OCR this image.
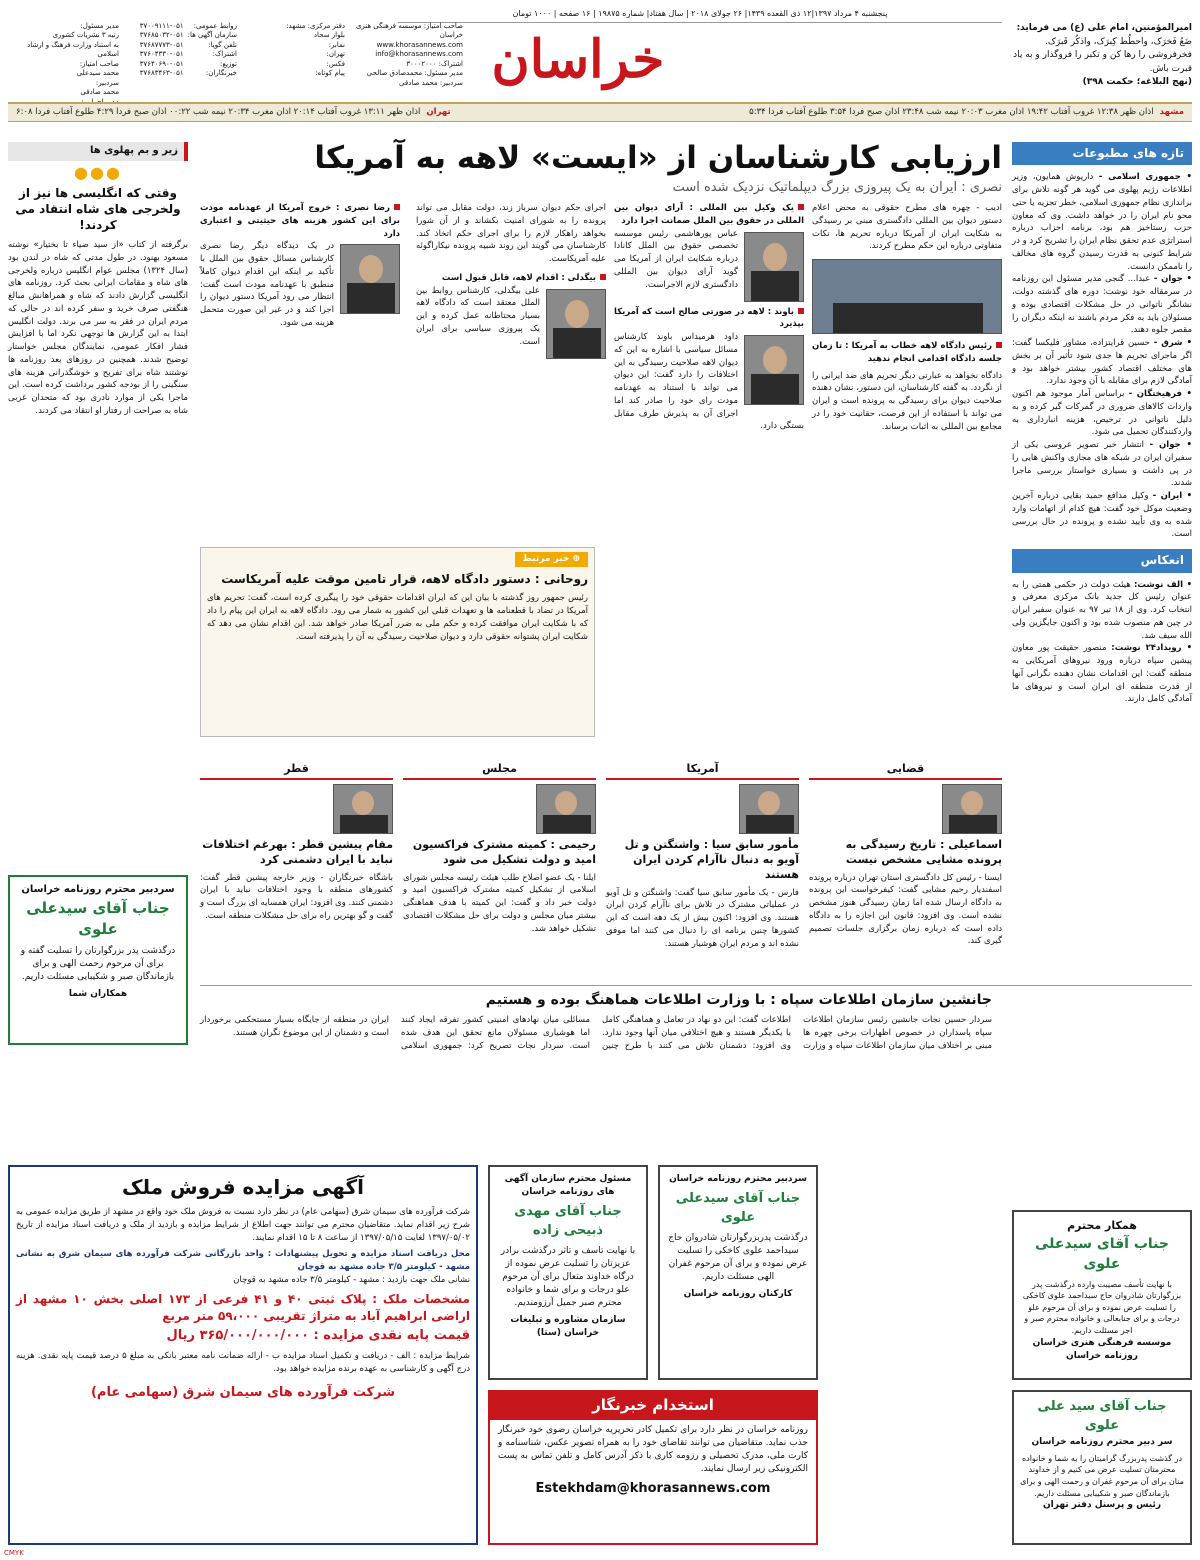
پنجشنبه ۴ مرداد ۱۳۹۷|۱۲ ذی القعده ۱۴۳۹| ۲۶ جولای ۲۰۱۸ | سال هفتاد| شماره ۱۹۸۷۵ | ۱۶ صفحه | ۱۰۰۰ تومان
امیرالمؤمنین، امام علی (ع) می فرماید:
ضَعُ فَخرَک، واحطُط کِبرَک، واذکُر قَبرَک.
فخرفروشی را رها کن و تکبر را فروگذار و به یاد قبرت باش.
(نهج البلاغه؛ حکمت ۳۹۸)
خراسان
صاحب امتیاز: موسسه فرهنگی هنری خراسان
www.khorasannews.com
info@khorasannews.com
اشتراک: ۳۰۰۰۲۰۰۰
مدیر مسئول: محمدصادق صالحی
سردبیر: محمد صادقی
دفتر مرکزی: مشهد:
بلوار سجاد
نمابر:
تهران:
فکس:
پیام کوتاه:
روابط عمومی:
سازمان آگهی ها:
تلفن گویا:
اشتراک:
توزیع:
خبرنگاران:
۳۷۰۰۹۱۱۱-۰۵۱
۳۷۶۸۵۰۳۲-۰۵۱
۳۷۶۸۷۷۷۳-۰۵۱
۳۷۶۰۴۳۳۰-۰۵۱
۳۷۶۴۰۶۹۰-۰۵۱
۳۷۶۸۳۴۶۳-۰۵۱
مدیر مسئول:
رتبه ۳ نشریات کشوری
به استناد وزارت فرهنگ و ارشاد اسلامی
صاحب امتیاز:
محمد سیدعلی
سردبیر:
محمد صادقی
مشهد
اذان ظهر ۱۲:۳۸ غروب آفتاب ۱۹:۴۲ اذان مغرب ۲۰:۰۳ نیمه شب ۲۳:۴۸ اذان صبح فردا ۳:۵۴ طلوع آفتاب فردا ۵:۳۴
تهران
اذان ظهر ۱۳:۱۱ غروب آفتاب ۲۰:۱۴ اذان مغرب ۲۰:۳۴ نیمه شب ۰۰:۲۲ اذان صبح فردا ۴:۲۹ طلوع آفتاب فردا ۶:۰۸
تازه های مطبوعات

• جمهوری اسلامی - داریوش همایون، وزیر اطلاعات رژیم پهلوی می گوید هر گونه تلاش برای براندازی نظام جمهوری اسلامی، خطر تجزیه یا حتی محو نام ایران را در خواهد داشت. وی که معاون حزب رستاخیز هم بود، برنامه احزاب درباره استراتژی عدم تحقق نظام ایران را تشریح کرد و در شرایط کنونی به قدرت رسیدن گروه های مخالف را ناممکن دانست.

• جوان - عبدا... گنجی مدیر مسئول این روزنامه در سرمقاله خود نوشت: دوره های گذشته دولت، نشانگر ناتوانی در حل مشکلات اقتصادی بوده و مسئولان باید به فکر مردم باشند نه اینکه دیگران را مقصر جلوه دهند.

• شرق - حسین قرایتزاده، مشاور فلیکسا گفت: اگر ماجرای تحریم ها جدی شود تأثیر آن بر بخش های مختلف اقتصاد کشور بیشتر خواهد بود و آمادگی لازم برای مقابله با آن وجود ندارد.

• فرهیختگان - براساس آمار موجود هم اکنون واردات کالاهای ضروری در گمرکات گیر کرده و به دلیل ناتوانی در ترخیص، هزینه انبارداری به واردکنندگان تحمیل می شود.

• جوان - انتشار خبر تصویر عروسی یکی از سفیران ایران در شبکه های مجازی واکنش هایی را در پی داشت و بسیاری خواستار بررسی ماجرا شدند.

• ایران - وکیل مدافع حمید بقایی درباره آخرین وضعیت موکل خود گفت: هیچ کدام از اتهامات وارد شده به وی تأیید نشده و پرونده در حال بررسی است.

انعکاس

• الف نوشت: هیئت دولت در حکمی همتی را به عنوان رئیس کل جدید بانک مرکزی معرفی و انتخاب کرد. وی از ۱۸ تیر ۹۷ به عنوان سفیر ایران در چین هم منصوب شده بود و اکنون جایگزین ولی الله سیف شد.

• رویداد۲۴ نوشت: منصور حقیقت پور معاون پیشین سپاه درباره ورود نیروهای آمریکایی به منطقه گفت: این اقدامات نشان دهنده نگرانی آنها از قدرت منطقه ای ایران است و نیروهای ما آمادگی کامل دارند.

زیر و بم پهلوی ها
●●●
وقتی که انگلیسی ها نیز از ولخرجی های شاه انتقاد می کردند!

برگرفته از کتاب «از سید ضیاء تا بختیار» نوشته مسعود بهنود. در طول مدتی که شاه در لندن بود (سال ۱۳۲۴) مجلس عوام انگلیس درباره ولخرجی های شاه و مقامات ایرانی بحث کرد. روزنامه های انگلیسی گزارش دادند که شاه و همراهانش مبالغ هنگفتی صرف خرید و سفر کرده اند در حالی که مردم ایران در فقر به سر می برند. دولت انگلیس ابتدا به این گزارش ها توجهی نکرد اما با افزایش فشار افکار عمومی، نمایندگان مجلس خواستار توضیح شدند. همچنین در روزهای بعد روزنامه ها نوشتند شاه برای تفریح و خوشگذرانی هزینه های سنگینی را از بودجه کشور برداشت کرده است. این ماجرا یکی از موارد نادری بود که متحدان غربی شاه به صراحت از رفتار او انتقاد می کردند.

سردبیر محترم روزنامه خراسان
جناب آقای سیدعلی علوی

درگذشت پدر بزرگوارتان را تسلیت گفته و برای آن مرحوم رحمت الهی و برای بازماندگان صبر و شکیبایی مسئلت داریم.

همکاران شما
ارزیابی کارشناسان از «ایست» لاهه به آمریکا
نصری : ایران به یک پیروزی بزرگ دیپلماتیک نزدیک شده است

ادیب - چهره های مطرح حقوقی به محض اعلام دستور دیوان بین المللی دادگستری مبنی بر رسیدگی به شکایت ایران از آمریکا درباره تحریم ها، نکات متفاوتی درباره این حکم مطرح کردند.

رئیس دادگاه لاهه خطاب به آمریکا : تا زمان جلسه دادگاه اقدامی انجام ندهید

دادگاه نخواهد به عبارتی دیگر تحریم های ضد ایرانی را از نگردد. به گفته کارشناسان، این دستور، نشان دهنده صلاحیت دیوان برای رسیدگی به پرونده است و ایران می تواند با استفاده از این فرصت، حقانیت خود را در مجامع بین المللی به اثبات برساند.

یک وکیل بین المللی : آرای دیوان بین المللی در حقوق بین الملل ضمانت اجرا دارد

عباس پورهاشمی رئیس موسسه تخصصی حقوق بین الملل کانادا درباره شکایت ایران از آمریکا می گوید آرای دیوان بین المللی دادگستری لازم الاجراست.

باوند : لاهه در صورتی صالح است که آمریکا بپذیرد

داود هرمیداس باوند کارشناس مسائل سیاسی با اشاره به این که دیوان لاهه صلاحیت رسیدگی به این اختلافات را دارد گفت: این دیوان می تواند با استناد به عهدنامه مودت رای خود را صادر کند اما اجرای آن به پذیرش طرف مقابل بستگی دارد.

اجرای حکم دیوان سرباز زند، دولت مقابل می تواند پرونده را به شورای امنیت بکشاند و از آن شورا بخواهد راهکار لازم را برای اجرای حکم اتخاذ کند. کارشناسان می گویند این روند شبیه پرونده نیکاراگوئه علیه آمریکاست.

بیگدلی : اقدام لاهه، قابل قبول است

علی بیگدلی، کارشناس روابط بین الملل معتقد است که دادگاه لاهه بسیار محتاطانه عمل کرده و این یک پیروزی سیاسی برای ایران است.

رضا نصری : خروج آمریکا از عهدنامه مودت برای این کشور هزینه های حیثیتی و اعتباری دارد

در یک دیدگاه دیگر رضا نصری کارشناس مسائل حقوق بین الملل با تأکید بر اینکه این اقدام دیوان کاملاً منطبق با عهدنامه مودت است گفت: انتظار می رود آمریکا دستور دیوان را اجرا کند و در غیر این صورت متحمل هزینه می شود.

⊕ خبر مرتبط
روحانی : دستور دادگاه لاهه، قرار تامین موقت علیه آمریکاست

رئیس جمهور روز گذشته با بیان این که ایران اقدامات حقوقی خود را پیگیری کرده است، گفت: تحریم های آمریکا در تضاد با قطعنامه ها و تعهدات قبلی این کشور به شمار می رود. دادگاه لاهه به ایران این پیام را داد که با شکایت ایران موافقت کرده و حکم ملی به ضرر آمریکا صادر خواهد شد. این اقدام نشان می دهد که شکایت ایران پشتوانه حقوقی دارد و دیوان صلاحیت رسیدگی به آن را پذیرفته است.

قضایی
اسماعیلی : تاریخ رسیدگی به پرونده مشایی مشخص نیست

ایسنا - رئیس کل دادگستری استان تهران درباره پرونده اسفندیار رحیم مشایی گفت: کیفرخواست این پرونده به دادگاه ارسال شده اما زمان رسیدگی هنوز مشخص نشده است. وی افزود: قانون این اجازه را به دادگاه داده است که درباره زمان برگزاری جلسات تصمیم گیری کند.

آمریکا
مأمور سابق سیا : واشنگتن و تل آویو به دنبال ناآرام کردن ایران هستند

فارس - یک مأمور سابق سیا گفت: واشنگتن و تل آویو در عملیاتی مشترک در تلاش برای ناآرام کردن ایران هستند. وی افزود: اکنون بیش از یک دهه است که این کشورها چنین برنامه ای را دنبال می کنند اما موفق نشده اند و مردم ایران هوشیار هستند.

مجلس
رحیمی : کمیته مشترک فراکسیون امید و دولت تشکیل می شود

ایلنا - یک عضو اصلاح طلب هیئت رئیسه مجلس شورای اسلامی از تشکیل کمیته مشترک فراکسیون امید و دولت خبر داد و گفت: این کمیته با هدف هماهنگی بیشتر میان مجلس و دولت برای حل مشکلات اقتصادی تشکیل خواهد شد.

قطر
مقام پیشین قطر : بهرغم اختلافات نباید با ایران دشمنی کرد

باشگاه خبرنگاران - وزیر خارجه پیشین قطر گفت: کشورهای منطقه با وجود اختلافات نباید با ایران دشمنی کنند. وی افزود: ایران همسایه ای بزرگ است و گفت و گو بهترین راه برای حل مشکلات منطقه است.

جانشین سازمان اطلاعات سپاه : با وزارت اطلاعات هماهنگ بوده و هستیم

سردار حسین نجات جانشین رئیس سازمان اطلاعات سپاه پاسداران در خصوص اظهارات برخی چهره ها مبنی بر اختلاف میان سازمان اطلاعات سپاه و وزارت اطلاعات گفت: این دو نهاد در تعامل و هماهنگی کامل با یکدیگر هستند و هیچ اختلافی میان آنها وجود ندارد. وی افزود: دشمنان تلاش می کنند با طرح چنین مسائلی میان نهادهای امنیتی کشور تفرقه ایجاد کنند اما هوشیاری مسئولان مانع تحقق این هدف شده است. سردار نجات تصریح کرد: جمهوری اسلامی ایران در منطقه از جایگاه بسیار مستحکمی برخوردار است و دشمنان از این موضوع نگران هستند.

آگهی مزایده فروش ملک

شرکت فرآورده های سیمان شرق (سهامی عام) در نظر دارد نسبت به فروش ملک خود واقع در مشهد از طریق مزایده عمومی به شرح زیر اقدام نماید. متقاضیان محترم می توانند جهت اطلاع از شرایط مزایده و بازدید از ملک و دریافت اسناد مزایده از تاریخ ۱۳۹۷/۰۵/۰۲ لغایت ۱۳۹۷/۰۵/۱۵ از ساعت ۸ تا ۱۵ اقدام نمایند.

محل دریافت اسناد مزایده و تحویل پیشنهادات : واحد بازرگانی شرکت فرآورده های سیمان شرق به نشانی مشهد - کیلومتر ۳/۵ جاده مشهد به قوچان

نشانی ملک جهت بازدید : مشهد - کیلومتر ۳/۵ جاده مشهد به قوچان

مشخصات ملک : پلاک ثبتی ۴۰ و ۴۱ فرعی از ۱۷۳ اصلی بخش ۱۰ مشهد از اراضی ابراهیم آباد به متراژ تقریبی ۵۹،۰۰۰ متر مربع

قیمت پایه نقدی مزایده : ۳۶۵/۰۰۰/۰۰۰/۰۰۰ ریال

شرایط مزایده : الف - دریافت و تکمیل اسناد مزایده ب - ارائه ضمانت نامه معتبر بانکی به مبلغ ۵ درصد قیمت پایه نقدی. هزینه درج آگهی و کارشناسی به عهده برنده مزایده خواهد بود.

شرکت فرآورده های سیمان شرق (سهامی عام)
مسئول محترم سازمان آگهی های روزنامه خراسان
جناب آقای مهدی ذبیحی زاده

با نهایت تاسف و تاثر درگذشت برادر عزیزتان را تسلیت عرض نموده از درگاه خداوند متعال برای آن مرحوم علو درجات و برای شما و خانواده محترم صبر جمیل آرزومندیم.

سازمان مشاوره و تبلیغات خراسان (ستا)
سردبیر محترم روزنامه خراسان
جناب آقای سیدعلی علوی

درگذشت پدربزرگوارتان شادروان حاج سیداحمد علوی کاخکی را تسلیت عرض نموده و برای آن مرحوم غفران الهی مسئلت داریم.

کارکنان روزنامه خراسان
استخدام خبرنگار

روزنامه خراسان در نظر دارد برای تکمیل کادر تحریریه خراسان رضوی خود خبرنگار جذب نماید. متقاضیان می توانند تقاضای خود را به همراه تصویر عکس، شناسنامه و کارت ملی، مدرک تحصیلی و رزومه کاری با ذکر آدرس کامل و تلفن تماس به پست الکترونیکی زیر ارسال نمایند.

Estekhdam@khorasannews.com
همکار محترم
جناب آقای سیدعلی علوی

با نهایت تأسف مصیبت وارده درگذشت پدر بزرگوارتان شادروان حاج سیداحمد علوی کاخکی را تسلیت عرض نموده و برای آن مرحوم علو درجات و برای جنابعالی و خانواده محترم صبر و اجر مسئلت داریم.

موسسه فرهنگی هنری خراسان
روزنامه خراسان
جناب آقای سید علی علوی
سر دبیر محترم روزنامه خراسان

در گذشت پدربزرگ گرامیتان را به شما و خانواده محترمتان تسلیت عرض می کنیم و از خداوند منان برای آن مرحوم غفران و رحمت الهی و برای بازماندگان صبر و شکیبایی مسئلت داریم.

رئیس و پرسنل دفتر تهران
CMYK
